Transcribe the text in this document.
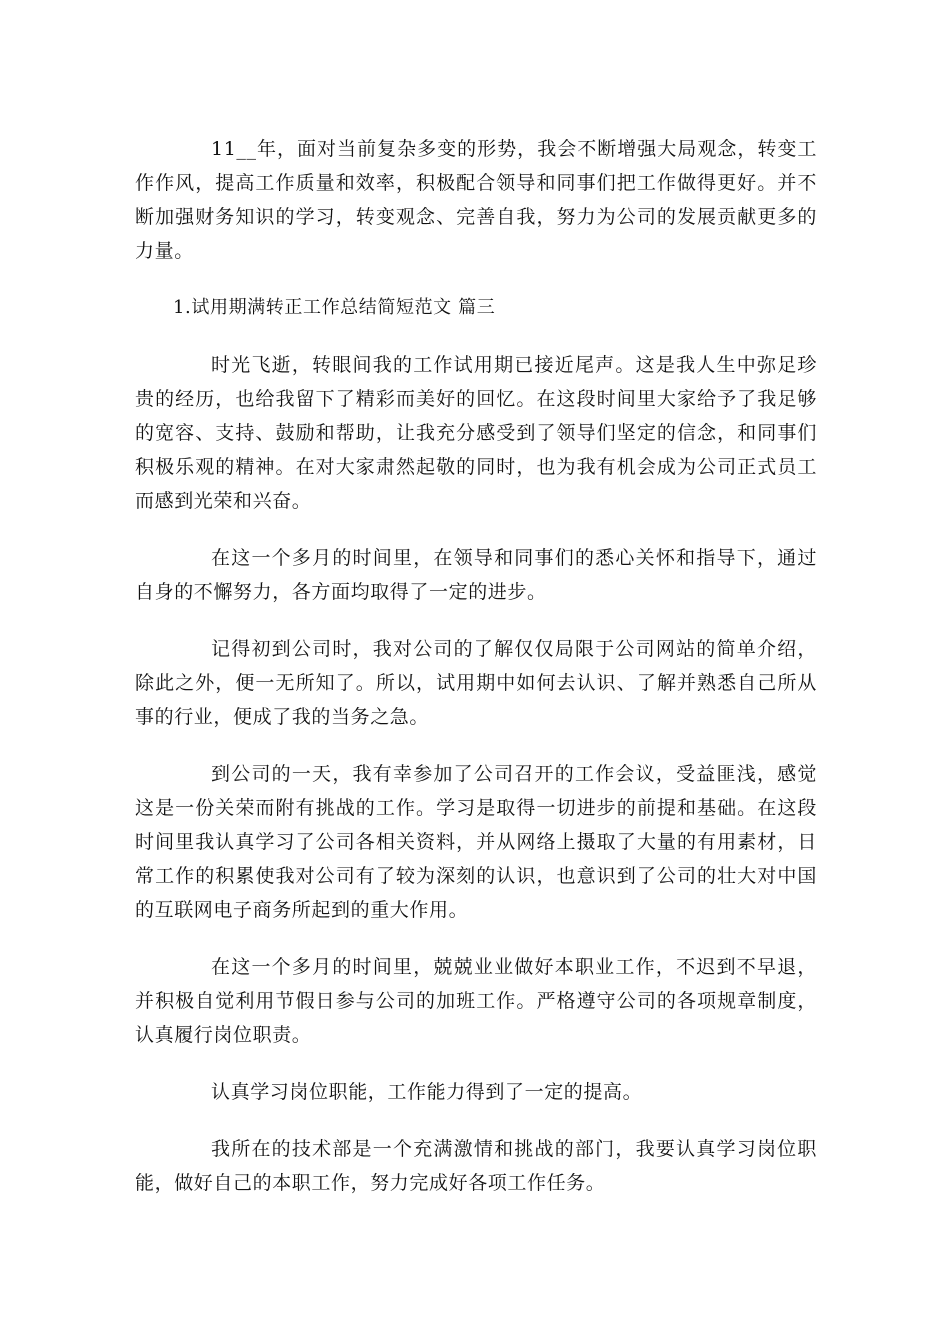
11__年，面对当前复杂多变的形势，我会不断增强大局观念，转变工作作风，提高工作质量和效率，积极配合领导和同事们把工作做得更好。并不断加强财务知识的学习，转变观念、完善自我，努力为公司的发展贡献更多的力量。

1.试用期满转正工作总结简短范文 篇三

时光飞逝，转眼间我的工作试用期已接近尾声。这是我人生中弥足珍贵的经历，也给我留下了精彩而美好的回忆。在这段时间里大家给予了我足够的宽容、支持、鼓励和帮助，让我充分感受到了领导们坚定的信念，和同事们积极乐观的精神。在对大家肃然起敬的同时，也为我有机会成为公司正式员工而感到光荣和兴奋。

在这一个多月的时间里，在领导和同事们的悉心关怀和指导下，通过自身的不懈努力，各方面均取得了一定的进步。

记得初到公司时，我对公司的了解仅仅局限于公司网站的简单介绍，除此之外，便一无所知了。所以，试用期中如何去认识、了解并熟悉自己所从事的行业，便成了我的当务之急。

到公司的一天，我有幸参加了公司召开的工作会议，受益匪浅，感觉这是一份关荣而附有挑战的工作。学习是取得一切进步的前提和基础。在这段时间里我认真学习了公司各相关资料，并从网络上摄取了大量的有用素材，日常工作的积累使我对公司有了较为深刻的认识，也意识到了公司的壮大对中国的互联网电子商务所起到的重大作用。

在这一个多月的时间里，兢兢业业做好本职业工作，不迟到不早退，并积极自觉利用节假日参与公司的加班工作。严格遵守公司的各项规章制度，认真履行岗位职责。

认真学习岗位职能，工作能力得到了一定的提高。

我所在的技术部是一个充满激情和挑战的部门，我要认真学习岗位职能，做好自己的本职工作，努力完成好各项工作任务。
